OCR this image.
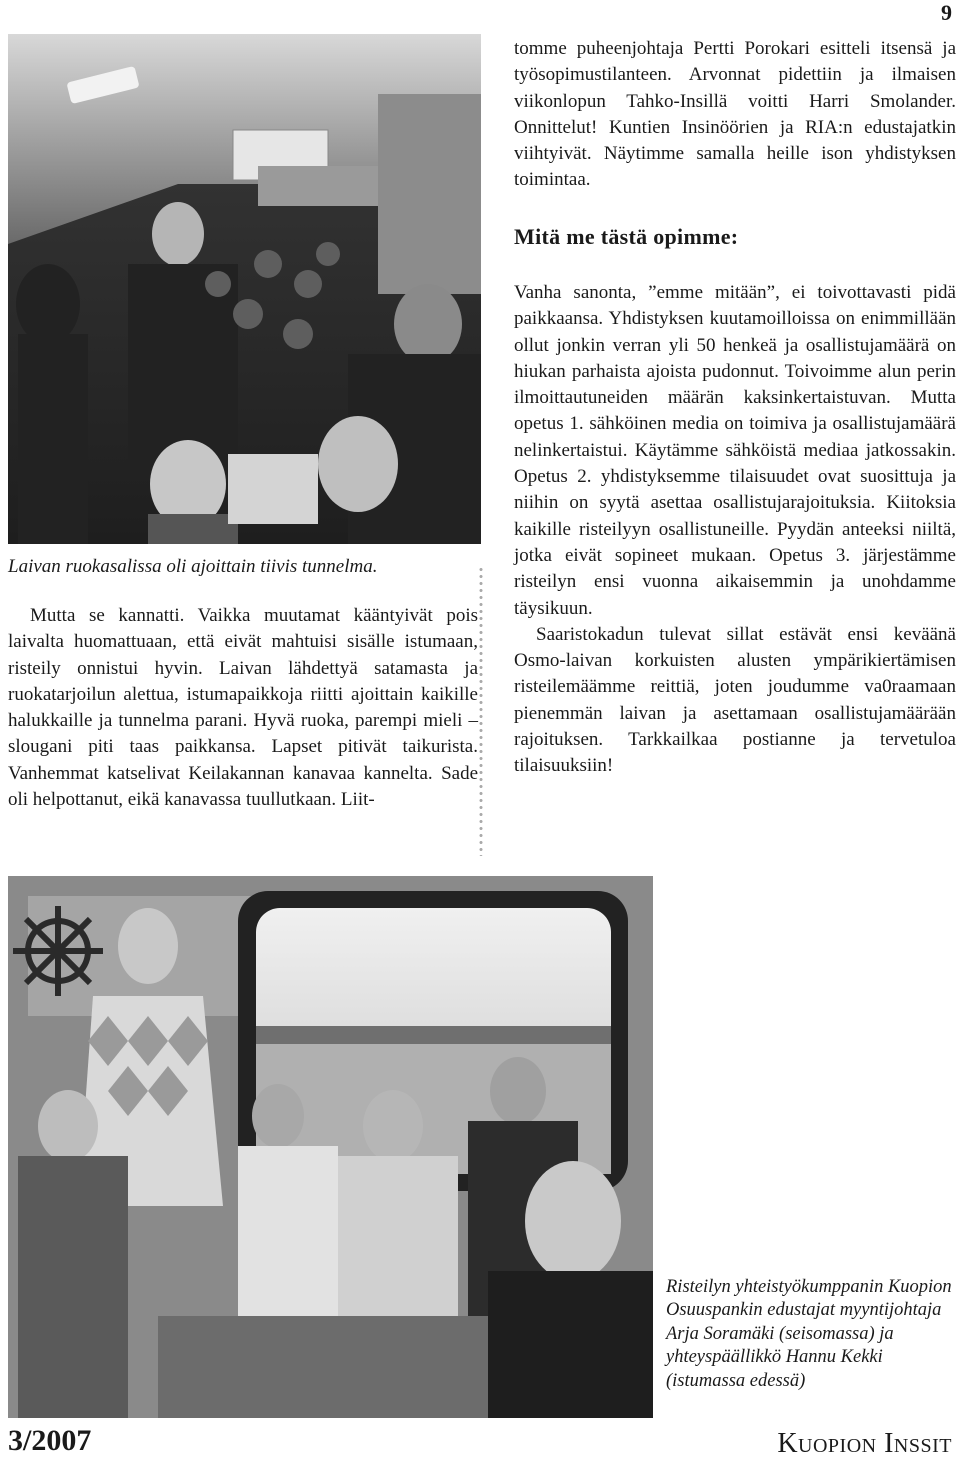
9
Laivan ruokasalissa oli ajoittain tiivis tunnelma.

Mutta se kannatti. Vaikka muutamat kääntyivät pois laivalta huomattuaan, että eivät mahtuisi sisälle istumaan, risteily onnistui hyvin. Laivan lähdettyä satamasta ja ruokatarjoilun alettua, istumapaikkoja riitti ajoittain kaikille halukkaille ja tunnelma parani. Hyvä ruoka, parempi mieli – slougani piti taas paikkansa. Lapset pitivät taikurista. Vanhemmat katselivat Keilakannan kanavaa kannelta. Sade oli helpottanut, eikä kanavassa tuullutkaan. Liit-

tomme puheenjohtaja Pertti Porokari esitteli itsensä ja työsopimustilanteen. Arvonnat pidettiin ja ilmaisen viikonlopun Tahko-Insillä voitti Harri Smolander. Onnittelut! Kuntien Insinöörien ja RIA:n edustajatkin viihtyivät. Näytimme samalla heille ison yhdistyksen toimintaa.

Mitä me tästä opimme:

Vanha sanonta, ”emme mitään”, ei toivottavasti pidä paikkaansa. Yhdistyksen kuutamoilloissa on enimmillään ollut jonkin verran yli 50 henkeä ja osallistujamäärä on hiukan parhaista ajoista pudonnut. Toivoimme alun perin ilmoittautuneiden määrän kaksinkertaistuvan. Mutta opetus 1. sähköinen media on toimiva ja osallistujamäärä nelinkertaistui. Käytämme sähköistä mediaa jatkossakin. Opetus 2. yhdistyksemme tilaisuudet ovat suosittuja ja niihin on syytä asettaa osallistujarajoituksia. Kiitoksia kaikille risteilyyn osallistuneille. Pyydän anteeksi niiltä, jotka eivät sopineet mukaan. Opetus 3. järjestämme risteilyn ensi vuonna aikaisemmin ja unohdamme täysikuun.

Saaristokadun tulevat sillat estävät ensi keväänä Osmo-laivan korkuisten alusten ympärikiertämisen risteilemäämme reittiä, joten joudumme va0raamaan pienemmän laivan ja asettamaan osallistujamäärään rajoituksen. Tarkkailkaa postianne ja tervetuloa tilaisuuksiin!

Risteilyn yhteistyökumppanin Kuopion Osuuspankin edustajat myyntijohtaja Arja Soramäki (seisomassa) ja yhteyspäällikkö Hannu Kekki (istumassa edessä)
3/2007	Kuopion Inssit
